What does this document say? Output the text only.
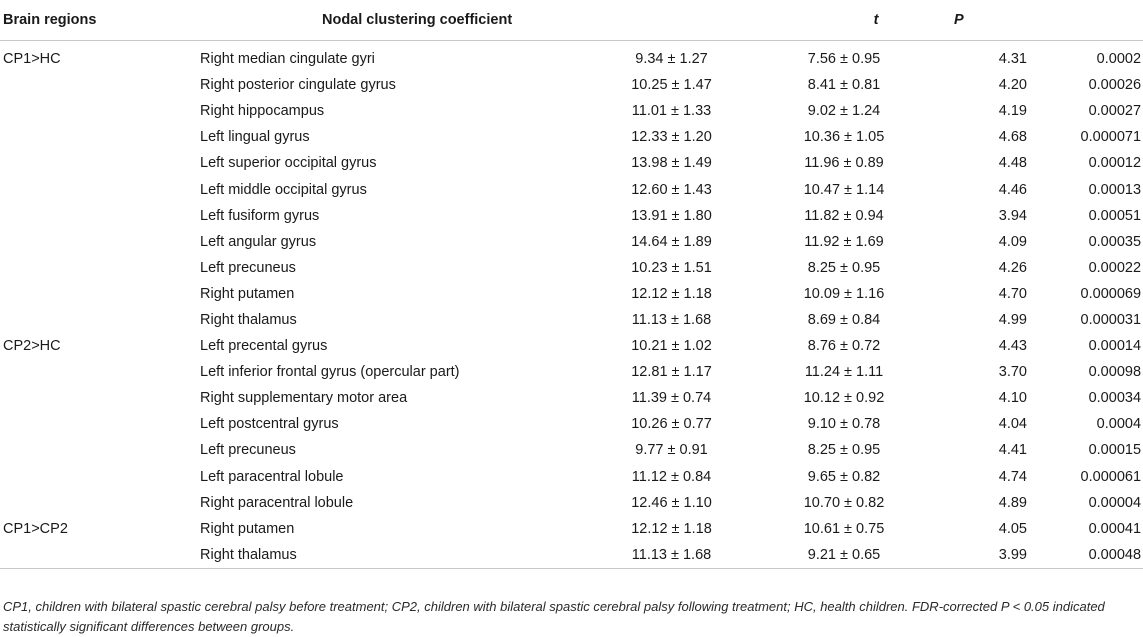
Brain regions	Nodal clustering coefficient		t	P	

CP1>HC	Right median cingulate gyri	9.34 ± 1.27	7.56 ± 0.95	4.31	0.0002
	Right posterior cingulate gyrus	10.25 ± 1.47	8.41 ± 0.81	4.20	0.00026
	Right hippocampus	11.01 ± 1.33	9.02 ± 1.24	4.19	0.00027
	Left lingual gyrus	12.33 ± 1.20	10.36 ± 1.05	4.68	0.000071
	Left superior occipital gyrus	13.98 ± 1.49	11.96 ± 0.89	4.48	0.00012
	Left middle occipital gyrus	12.60 ± 1.43	10.47 ± 1.14	4.46	0.00013
	Left fusiform gyrus	13.91 ± 1.80	11.82 ± 0.94	3.94	0.00051
	Left angular gyrus	14.64 ± 1.89	11.92 ± 1.69	4.09	0.00035
	Left precuneus	10.23 ± 1.51	8.25 ± 0.95	4.26	0.00022
	Right putamen	12.12 ± 1.18	10.09 ± 1.16	4.70	0.000069
	Right thalamus	11.13 ± 1.68	8.69 ± 0.84	4.99	0.000031
CP2>HC	Left precental gyrus	10.21 ± 1.02	8.76 ± 0.72	4.43	0.00014
	Left inferior frontal gyrus (opercular part)	12.81 ± 1.17	11.24 ± 1.11	3.70	0.00098
	Right supplementary motor area	11.39 ± 0.74	10.12 ± 0.92	4.10	0.00034
	Left postcentral gyrus	10.26 ± 0.77	9.10 ± 0.78	4.04	0.0004
	Left precuneus	9.77 ± 0.91	8.25 ± 0.95	4.41	0.00015
	Left paracentral lobule	11.12 ± 0.84	9.65 ± 0.82	4.74	0.000061
	Right paracentral lobule	12.46 ± 1.10	10.70 ± 0.82	4.89	0.00004
CP1>CP2	Right putamen	12.12 ± 1.18	10.61 ± 0.75	4.05	0.00041
	Right thalamus	11.13 ± 1.68	9.21 ± 0.65	3.99	0.00048
CP1, children with bilateral spastic cerebral palsy before treatment; CP2, children with bilateral spastic cerebral palsy following treatment; HC, health children. FDR-corrected P < 0.05 indicated statistically significant differences between groups.
